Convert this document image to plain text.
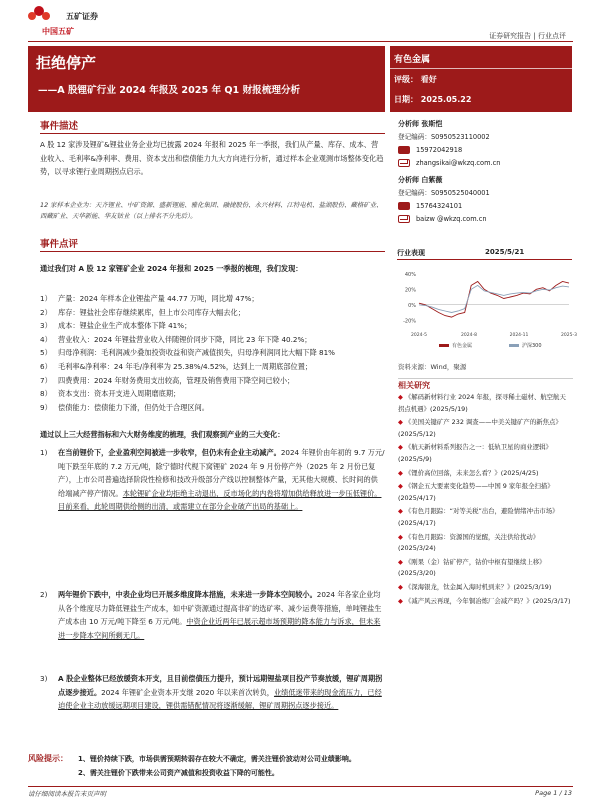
五矿证券
中国五矿	证券研究报告 | 行业点评
拒绝停产
——A 股锂矿行业 2024 年报及 2025 年 Q1 财报梳理分析
有色金属
评级： 看好
日期： 2025.05.22
分析师 张斯恺
登记编码：S0950523110002
15972042918
zhangsikai@wkzq.com.cn
分析师 白紫薇
登记编码：S0950525040001
15764324101
baizw @wkzq.com.cn
行业表现	2025/5/21
40%
20%
0%
-20%
2024-5	2024-8	2024-11	2025-3
有色金属	沪深300
资料来源：Wind，聚源
相关研究
◆ 《解码新材料行业 2024 年报，探寻稀土磁材、航空航天拐点机遇》(2025/5/19)
◆ 《美国关键矿产 232 调查——中美关键矿产的新焦点》(2025/5/12)
◆ 《航天新材料系列报告之一：低轨卫星的商业逻辑》(2025/5/9)
◆ 《锂价高位回落，未来怎么看？》(2025/4/25)
◆ 《钢企五大要素变化趋势——中国 9 家年报全扫描》(2025/4/17)
◆ 《有色月跟踪：“对等关税”出台，避险情绪冲击市场》(2025/4/17)
◆ 《有色月跟踪：资源国的觉醒，关注供给扰动》(2025/3/24)
◆ 《刚果（金）钴矿停产，钴价中枢有望继续上移》(2025/3/20)
◆ 《深海银龙，钛金属入海时机到来？》(2025/3/19)
◆ 《减产风云再现，今年铜冶炼厂会减产吗？》(2025/3/17)
事件描述
A 股 12 家涉及锂矿&锂盐业务企业均已披露 2024 年报和 2025 年一季报，我们从产量、库存、成本、营业收入、毛利率&净利率、费用、资本支出和偿债能力九大方向进行分析，通过样本企业观测市场整体变化趋势，以寻求锂行业周期拐点启示。
12 家样本企业为：天齐锂业、中矿资源、盛新锂能、雅化集团、融捷股份、永兴材料、江特电机、盐湖股份、藏格矿业、西藏矿业、天华新能、华友钴业（以上排名不分先后）。
事件点评
通过我们对 A 股 12 家锂矿企业 2024 年报和 2025 一季报的梳理，我们发现：
1） 产量：2024 年样本企业锂盐产量 44.77 万吨，同比增 47%；
2） 库存：锂盐社会库存继续累库，但上市公司库存大幅去化；
3） 成本：锂盐企业生产成本整体下降 41%；
4） 营业收入：2024 年锂盐营业收入伴随锂价同步下降，同比 23 年下降 40.2%；
5） 归母净利润：毛利润减少叠加投资收益和资产减值损失，归母净利润同比大幅下降 81%
6） 毛利率&净利率：24 年毛/净利率为 25.38%/4.52%，达到上一周期底部位置；
7） 四费费用：2024 年财务费用支出较高，管理及销售费用下降空间已较小；
8） 资本支出：资本开支进入周期磨底期；
9） 偿债能力：偿债能力下滑，但仍处于合理区间。
通过以上三大经营指标和六大财务维度的梳理，我们观察到产业的三大变化：
1)	在当前锂价下，企业盈利空间被进一步收窄，但仍未有企业主动减产。2024 年锂价由年初的 9.7 万元/吨下跌至年底的 7.2 万元/吨，除宁德时代枧下窝锂矿 2024 年 9 月份停产外（2025 年 2 月份已复产），上市公司普遍选择阶段性检修和技改升级部分产线以控制整体产量，无其他大规模、长时间的供给端减产停产情况。本轮锂矿企业均拒绝主动退出，反市场化的内卷将增加供给释放进一步压低锂价。目前来看，此轮周期供给侧的出清，或需建立在部分企业破产出局的基础上。
2)	两年锂价下跌中，中表企业均已开展多维度降本措施，未来进一步降本空间较小。2024 年各家企业均从各个维度尽力降低锂盐生产成本，如中矿资源通过提高非矿的选矿率、减少运费等措施，单吨锂盐生产成本由 10 万元/吨下降至 6 万元/吨。中资企业近两年已展示超市场预期的降本能力与诉求，但未来进一步降本空间所剩无几。
3)	A 股企业整体已经放缓资本开支，且目前偿债压力提升，预计远期锂盐项目投产节奏放缓，锂矿周期拐点逐步接近。2024 年锂矿企业资本开支继 2020 年以来首次转负，业绩低迷带来的现金流压力，已经迫使企业主动放缓远期项目建设，锂供需错配情况将逐渐缓解，锂矿周期拐点逐步接近。
风险提示：	1、锂价持续下跌，市场供需预期转弱存在较大不确定，需关注锂价波动对公司业绩影响。
2、需关注锂价下跌带来公司资产减值和投资收益下降的可能性。
请仔细阅读本报告末页声明	Page 1 / 13
